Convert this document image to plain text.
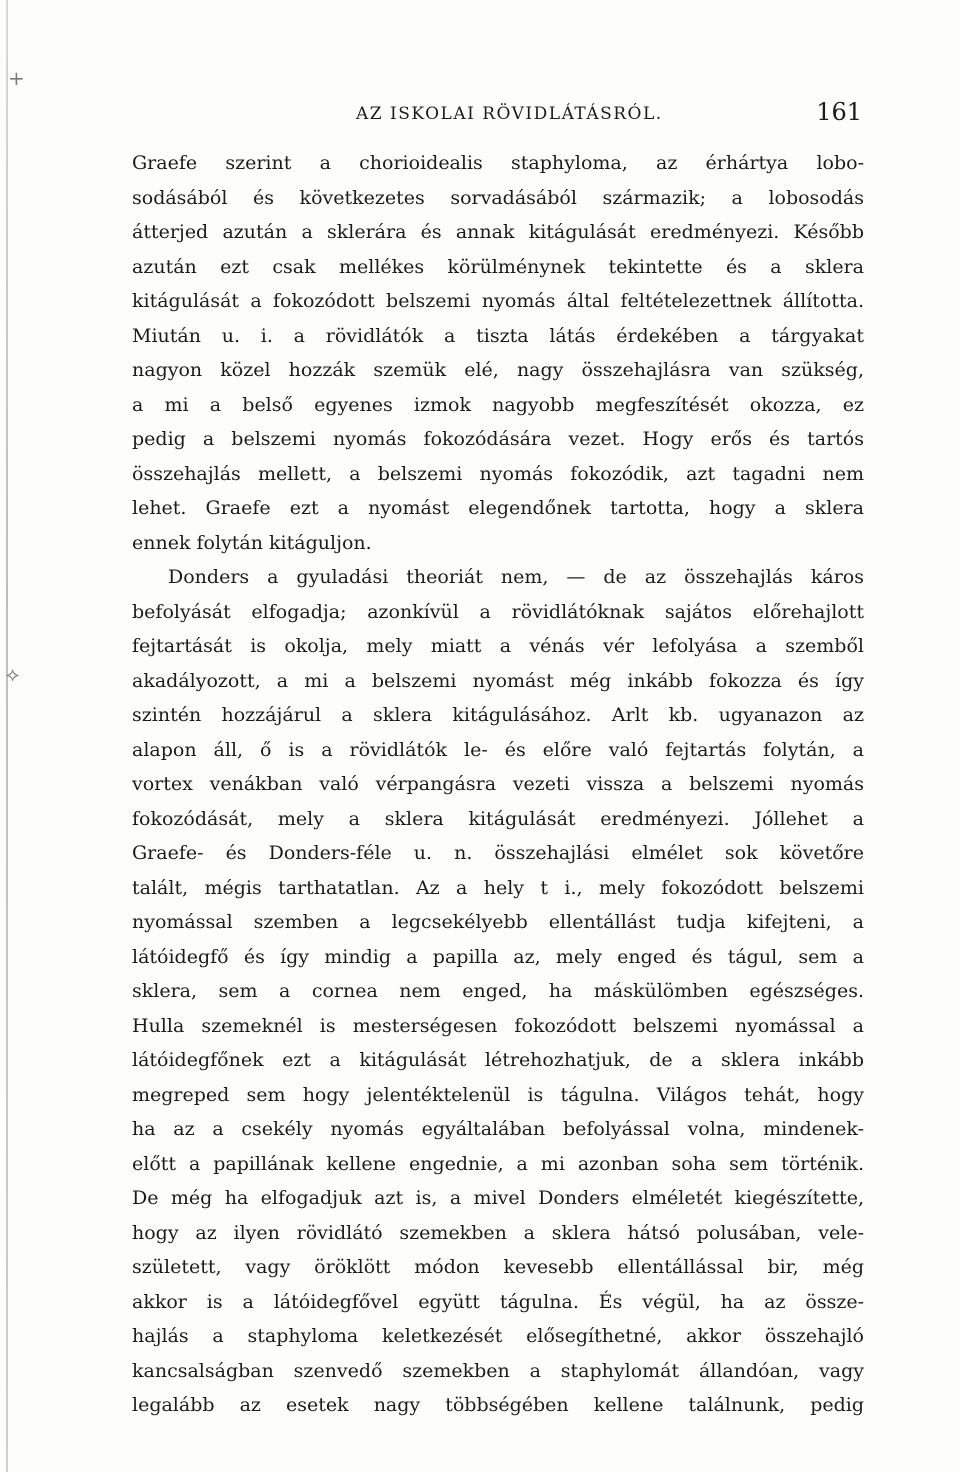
+
⟡
AZ ISKOLAI RÖVIDLÁTÁSRÓL.	161
Graefe szerint a chorioidealis staphyloma, az érhártya lobo-
sodásából és következetes sorvadásából származik; a lobosodás
átterjed azután a sklerára és annak kitágulását eredményezi. Később
azután ezt csak mellékes körülménynek tekintette és a sklera
kitágulását a fokozódott belszemi nyomás által feltételezettnek állította.
Miután u. i. a rövidlátók a tiszta látás érdekében a tárgyakat
nagyon közel hozzák szemük elé, nagy összehajlásra van szükség,
a mi a belső egyenes izmok nagyobb megfeszítését okozza, ez
pedig a belszemi nyomás fokozódására vezet. Hogy erős és tartós
összehajlás mellett, a belszemi nyomás fokozódik, azt tagadni nem
lehet. Graefe ezt a nyomást elegendőnek tartotta, hogy a sklera
ennek folytán kitáguljon.
Donders a gyuladási theoriát nem, — de az összehajlás káros
befolyását elfogadja; azonkívül a rövidlátóknak sajátos előrehajlott
fejtartását is okolja, mely miatt a vénás vér lefolyása a szemből
akadályozott, a mi a belszemi nyomást még inkább fokozza és így
szintén hozzájárul a sklera kitágulásához. Arlt kb. ugyanazon az
alapon áll, ő is a rövidlátók le- és előre való fejtartás folytán, a
vortex venákban való vérpangásra vezeti vissza a belszemi nyomás
fokozódását, mely a sklera kitágulását eredményezi. Jóllehet a
Graefe- és Donders-féle u. n. összehajlási elmélet sok követőre
talált, mégis tarthatatlan. Az a hely t i., mely fokozódott belszemi
nyomással szemben a legcsekélyebb ellentállást tudja kifejteni, a
látóidegfő és így mindig a papilla az, mely enged és tágul, sem a
sklera, sem a cornea nem enged, ha máskülömben egészséges.
Hulla szemeknél is mesterségesen fokozódott belszemi nyomással a
látóidegfőnek ezt a kitágulását létrehozhatjuk, de a sklera inkább
megreped sem hogy jelentéktelenül is tágulna. Világos tehát, hogy
ha az a csekély nyomás egyáltalában befolyással volna, mindenek-
előtt a papillának kellene engednie, a mi azonban soha sem történik.
De még ha elfogadjuk azt is, a mivel Donders elméletét kiegészítette,
hogy az ilyen rövidlátó szemekben a sklera hátsó polusában, vele-
született, vagy öröklött módon kevesebb ellentállással bir, még
akkor is a látóidegfővel együtt tágulna. És végül, ha az össze-
hajlás a staphyloma keletkezését elősegíthetné, akkor összehajló
kancsalságban szenvedő szemekben a staphylomát állandóan, vagy
legalább az esetek nagy többségében kellene találnunk, pedig
